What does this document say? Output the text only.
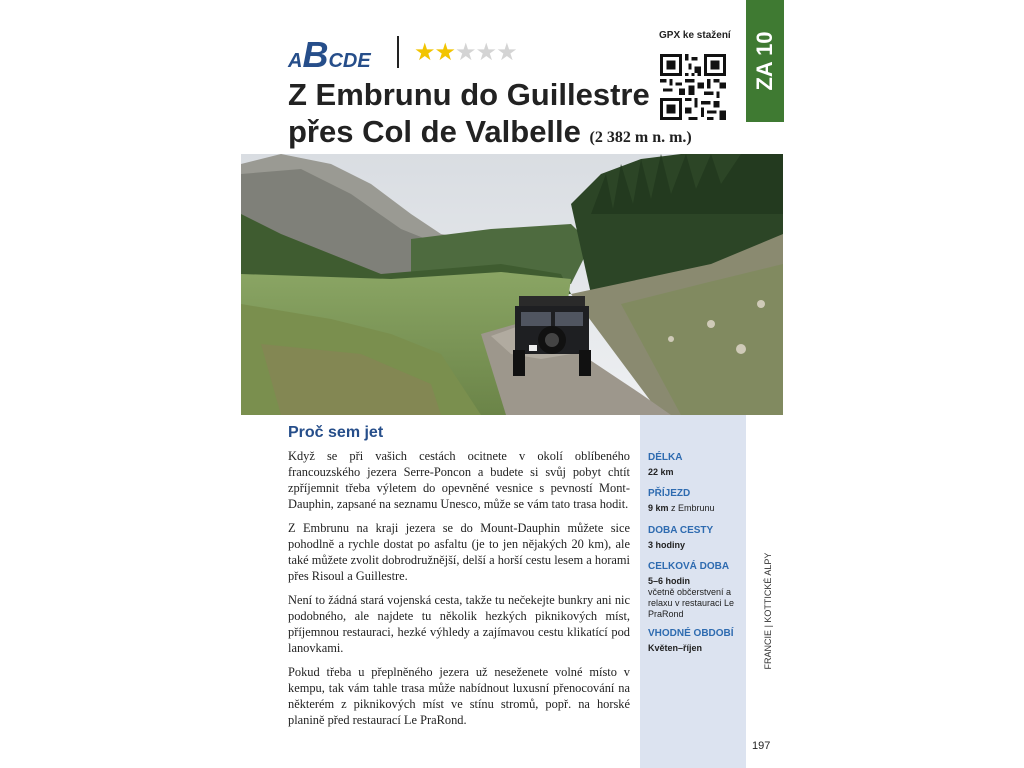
ABCDE ★★★★★
GPX ke stažení ZA 10
Z Embrunu do Guillestre
přes Col de Valbelle (2 382 m n. m.)
Proč sem jet

Když se při vašich cestách ocitnete v okolí oblíbeného francouzského jezera Serre-Poncon a budete si svůj pobyt chtít zpříjemnit třeba výletem do opevněné vesnice s pevností Mont-Dauphin, zapsané na seznamu Unesco, může se vám tato trasa hodit.

Z Embrunu na kraji jezera se do Mount-Dauphin můžete sice pohodlně a rychle dostat po asfaltu (je to jen nějakých 20 km), ale také můžete zvolit dobrodružnější, delší a horší cestu lesem a horami přes Risoul a Guillestre.

Není to žádná stará vojenská cesta, takže tu nečekejte bunkry ani nic podobného, ale najdete tu několik hezkých piknikových míst, příjemnou restauraci, hezké výhledy a zajímavou cestu klikatící pod lanovkami.

Pokud třeba u přeplněného jezera už neseženete volné místo v kempu, tak vám tahle trasa může nabídnout luxusní přenocování na některém z piknikových míst ve stínu stromů, popř. na horské planině před restaurací Le PraRond.

DÉLKA

22 km

PŘÍJEZD

9 km z Embrunu

DOBA CESTY

3 hodiny

CELKOVÁ DOBA

5–6 hodin
včetně občerstvení a relaxu v restauraci Le PraRond

VHODNÉ OBDOBÍ

Květen–říjen	FRANCIE | KOTTICKÉ ALPY
197
